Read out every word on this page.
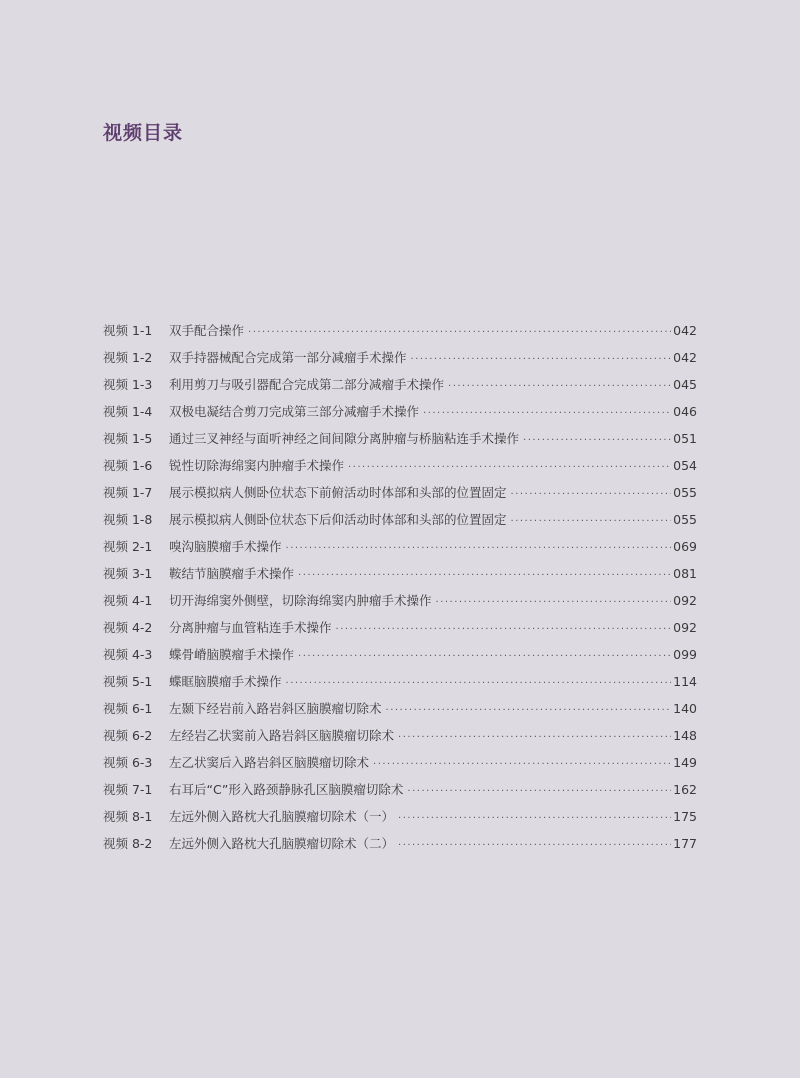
视频目录
视频 1-1	双手配合操作 ·····	042
视频 1-2	双手持器械配合完成第一部分减瘤手术操作 ·····	042
视频 1-3	利用剪刀与吸引器配合完成第二部分减瘤手术操作 ·····	045
视频 1-4	双极电凝结合剪刀完成第三部分减瘤手术操作 ·····	046
视频 1-5	通过三叉神经与面听神经之间间隙分离肿瘤与桥脑粘连手术操作 ·····	051
视频 1-6	锐性切除海绵窦内肿瘤手术操作 ·····	054
视频 1-7	展示模拟病人侧卧位状态下前俯活动时体部和头部的位置固定 ·····	055
视频 1-8	展示模拟病人侧卧位状态下后仰活动时体部和头部的位置固定 ·····	055
视频 2-1	嗅沟脑膜瘤手术操作 ·····	069
视频 3-1	鞍结节脑膜瘤手术操作 ·····	081
视频 4-1	切开海绵窦外侧壁，切除海绵窦内肿瘤手术操作 ·····	092
视频 4-2	分离肿瘤与血管粘连手术操作 ·····	092
视频 4-3	蝶骨嵴脑膜瘤手术操作 ·····	099
视频 5-1	蝶眶脑膜瘤手术操作 ·····	114
视频 6-1	左颞下经岩前入路岩斜区脑膜瘤切除术 ·····	140
视频 6-2	左经岩乙状窦前入路岩斜区脑膜瘤切除术 ·····	148
视频 6-3	左乙状窦后入路岩斜区脑膜瘤切除术 ·····	149
视频 7-1	右耳后“C”形入路颈静脉孔区脑膜瘤切除术 ·····	162
视频 8-1	左远外侧入路枕大孔脑膜瘤切除术（一） ·····	175
视频 8-2	左远外侧入路枕大孔脑膜瘤切除术（二） ·····	177
